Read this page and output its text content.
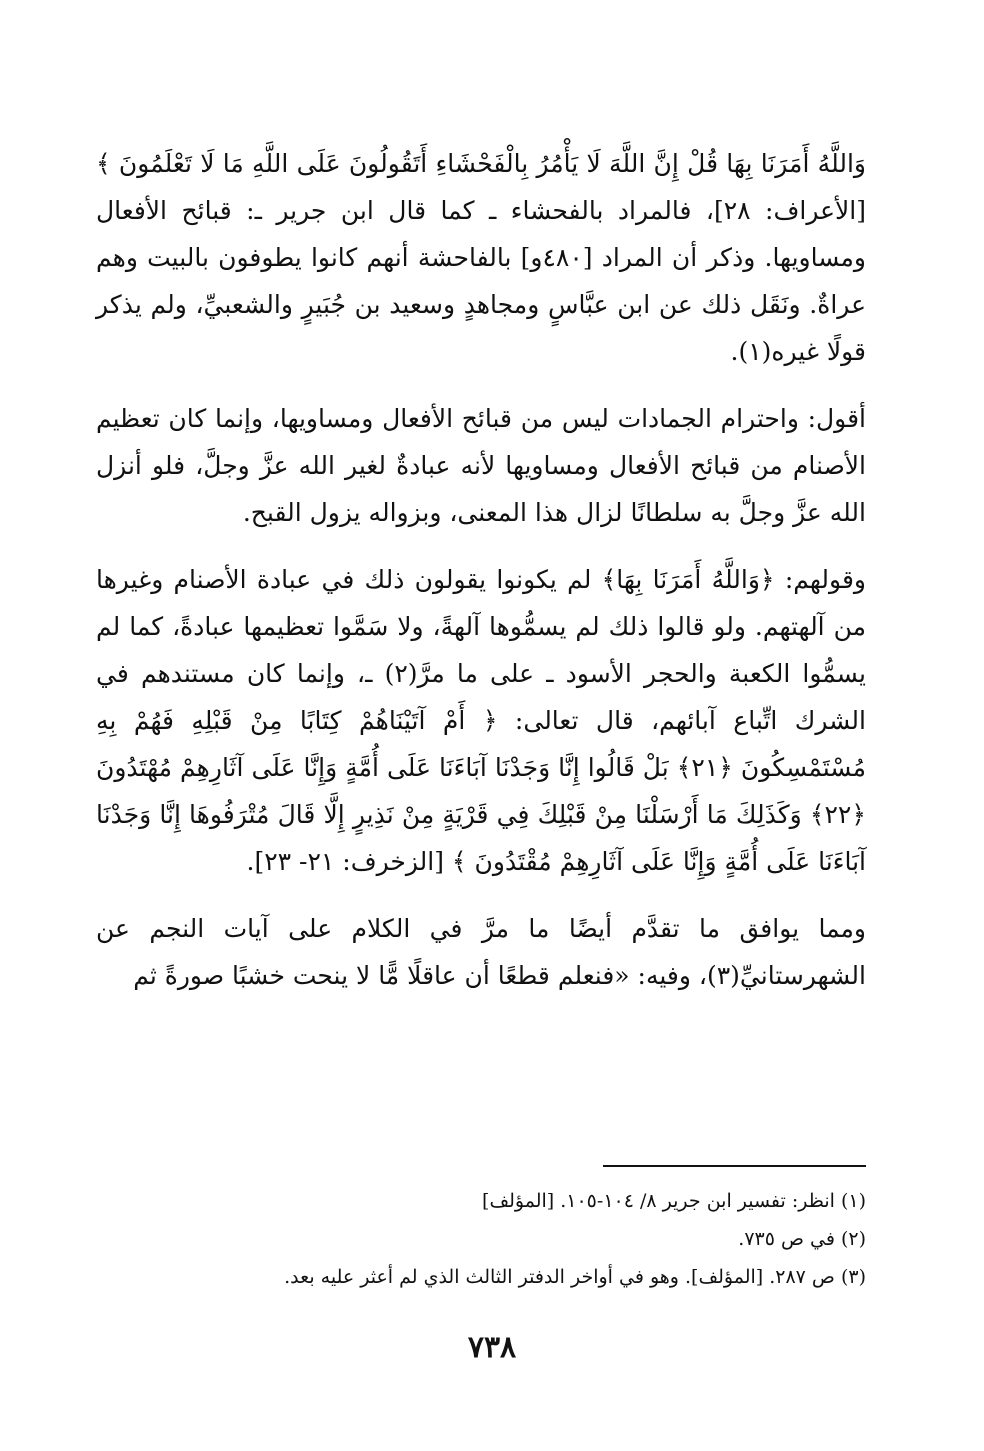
وَاللَّهُ أَمَرَنَا بِهَا قُلْ إِنَّ اللَّهَ لَا يَأْمُرُ بِالْفَحْشَاءِ أَتَقُولُونَ عَلَى اللَّهِ مَا لَا تَعْلَمُونَ ﴾ [الأعراف: ٢٨]، فالمراد بالفحشاء ـ كما قال ابن جرير ـ: قبائح الأفعال ومساويها. وذكر أن المراد [٤٨٠و] بالفاحشة أنهم كانوا يطوفون بالبيت وهم عراةٌ. ونَقَل ذلك عن ابن عبَّاسٍ ومجاهدٍ وسعيد بن جُبَيرٍ والشعبيِّ، ولم يذكر قولًا غيره(١).

أقول: واحترام الجمادات ليس من قبائح الأفعال ومساويها، وإنما كان تعظيم الأصنام من قبائح الأفعال ومساويها لأنه عبادةٌ لغير الله عزَّ وجلَّ، فلو أنزل الله عزَّ وجلَّ به سلطانًا لزال هذا المعنى، وبزواله يزول القبح.

وقولهم: ﴿وَاللَّهُ أَمَرَنَا بِهَا﴾ لم يكونوا يقولون ذلك في عبادة الأصنام وغيرها من آلهتهم. ولو قالوا ذلك لم يسمُّوها آلهةً، ولا سَمَّوا تعظيمها عبادةً، كما لم يسمُّوا الكعبة والحجر الأسود ـ على ما مرَّ(٢) ـ، وإنما كان مستندهم في الشرك اتِّباع آبائهم، قال تعالى: ﴿ أَمْ آتَيْنَاهُمْ كِتَابًا مِنْ قَبْلِهِ فَهُمْ بِهِ مُسْتَمْسِكُونَ ﴿٢١﴾ بَلْ قَالُوا إِنَّا وَجَدْنَا آبَاءَنَا عَلَى أُمَّةٍ وَإِنَّا عَلَى آثَارِهِمْ مُهْتَدُونَ ﴿٢٢﴾ وَكَذَلِكَ مَا أَرْسَلْنَا مِنْ قَبْلِكَ فِي قَرْيَةٍ مِنْ نَذِيرٍ إِلَّا قَالَ مُتْرَفُوهَا إِنَّا وَجَدْنَا آبَاءَنَا عَلَى أُمَّةٍ وَإِنَّا عَلَى آثَارِهِمْ مُقْتَدُونَ ﴾ [الزخرف: ٢١- ٢٣].

ومما يوافق ما تقدَّم أيضًا ما مرَّ في الكلام على آيات النجم عن الشهرستانيِّ(٣)، وفيه: «فنعلم قطعًا أن عاقلًا مًّا لا ينحت خشبًا صورةً ثم

(١) انظر: تفسير ابن جرير ٨/ ١٠٤-١٠٥. [المؤلف]

(٢) في ص ٧٣٥.

(٣) ص ٢٨٧. [المؤلف]. وهو في أواخر الدفتر الثالث الذي لم أعثر عليه بعد.

٧٣٨
